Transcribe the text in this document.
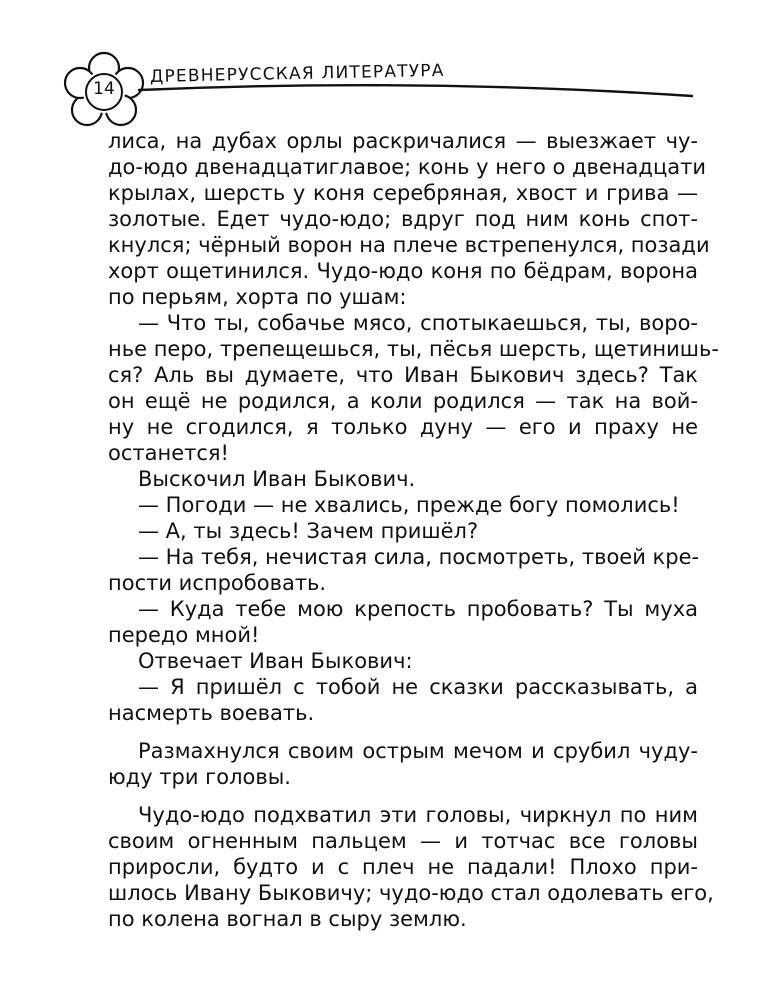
14
ДРЕВНЕРУССКАЯ ЛИТЕРАТУРА
лиса, на дубах орлы раскричалися — выезжает чу-
до-юдо двенадцатиглавое; конь у него о двенадцати
крылах, шерсть у коня серебряная, хвост и грива —
золотые. Едет чудо-юдо; вдруг под ним конь спот-
кнулся; чёрный ворон на плече встрепенулся, позади
хорт ощетинился. Чудо-юдо коня по бёдрам, ворона
по перьям, хорта по ушам:
— Что ты, собачье мясо, спотыкаешься, ты, воро-
нье перо, трепещешься, ты, пёсья шерсть, щетинишь-
ся? Аль вы думаете, что Иван Быкович здесь? Так
он ещё не родился, а коли родился — так на вой-
ну не сгодился, я только дуну — его и праху не
останется!
Выскочил Иван Быкович.
— Погоди — не хвались, прежде богу помолись!
— А, ты здесь! Зачем пришёл?
— На тебя, нечистая сила, посмотреть, твоей кре-
пости испробовать.
— Куда тебе мою крепость пробовать? Ты муха
передо мной!
Отвечает Иван Быкович:
— Я пришёл с тобой не сказки рассказывать, а
насмерть воевать.
Размахнулся своим острым мечом и срубил чуду-
юду три головы.
Чудо-юдо подхватил эти головы, чиркнул по ним
своим огненным пальцем — и тотчас все головы
приросли, будто и с плеч не падали! Плохо при-
шлось Ивану Быковичу; чудо-юдо стал одолевать его,
по колена вогнал в сыру землю.
